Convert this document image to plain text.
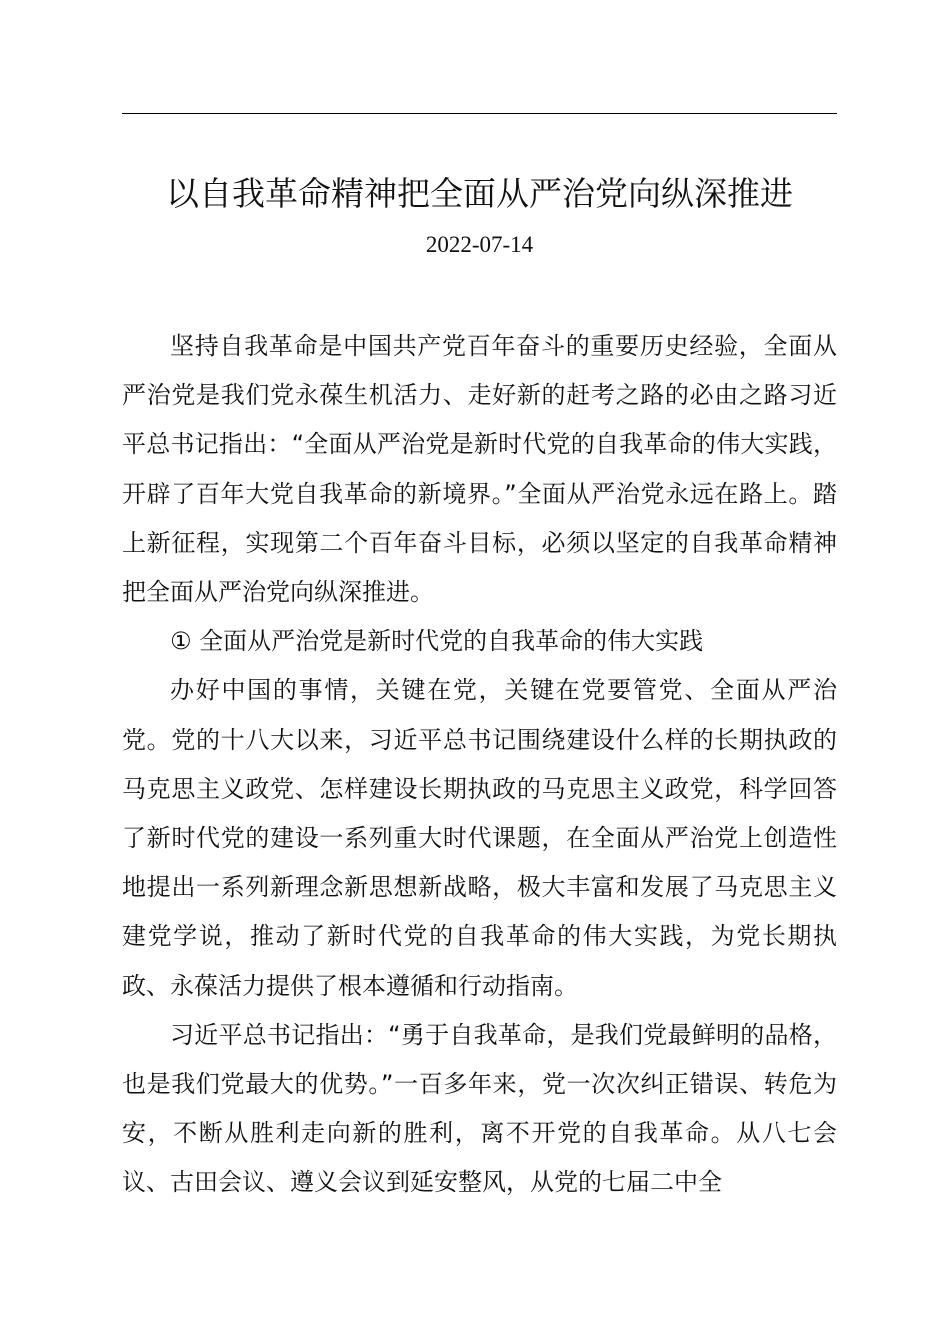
以自我革命精神把全面从严治党向纵深推进
2022-07-14

坚持自我革命是中国共产党百年奋斗的重要历史经验，全面从严治党是我们党永葆生机活力、走好新的赶考之路的必由之路习近平总书记指出：“全面从严治党是新时代党的自我革命的伟大实践，开辟了百年大党自我革命的新境界。”全面从严治党永远在路上。踏上新征程，实现第二个百年奋斗目标，必须以坚定的自我革命精神把全面从严治党向纵深推进。

① 全面从严治党是新时代党的自我革命的伟大实践

办好中国的事情，关键在党，关键在党要管党、全面从严治党。党的十八大以来，习近平总书记围绕建设什么样的长期执政的马克思主义政党、怎样建设长期执政的马克思主义政党，科学回答了新时代党的建设一系列重大时代课题，在全面从严治党上创造性地提出一系列新理念新思想新战略，极大丰富和发展了马克思主义建党学说，推动了新时代党的自我革命的伟大实践，为党长期执政、永葆活力提供了根本遵循和行动指南。

习近平总书记指出：“勇于自我革命，是我们党最鲜明的品格，也是我们党最大的优势。”一百多年来，党一次次纠正错误、转危为安，不断从胜利走向新的胜利，离不开党的自我革命。从八七会议、古田会议、遵义会议到延安整风，从党的七届二中全
